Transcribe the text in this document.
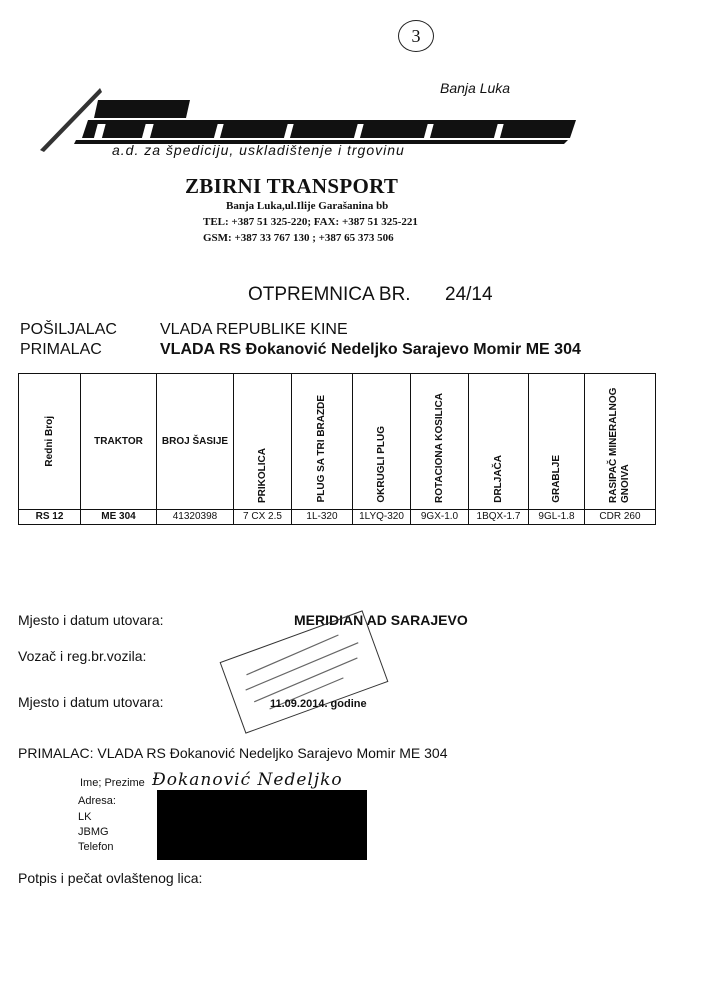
3
Banja Luka
a.d. za špediciju, uskladištenje i trgovinu
ZBIRNI TRANSPORT
Banja Luka,ul.Ilije Garašanina bb
TEL: +387 51 325-220; FAX: +387 51 325-221
GSM: +387 33 767 130 ; +387 65 373 506
OTPREMNICA BR. 24/14
POŠILJALAC	VLADA REPUBLIKE KINE
PRIMALAC	VLADA RS Đokanović Nedeljko Sarajevo Momir ME 304
Redni Broj	TRAKTOR	BROJ ŠASIJE	PRIKOLICA	PLUG SA TRI BRAZDE	OKRUGLI PLUG	ROTACIONA KOSILICA	DRLJAČA	GRABLJE	RASIPAČ MINERALNOG GNOIVA

RS 12	ME 304	41320398	7 CX 2.5	1L-320	1LYQ-320	9GX-1.0	1BQX-1.7	9GL-1.8	CDR 260
Mjesto i datum utovara:	MERIDIAN AD SARAJEVO
Vozač i reg.br.vozila:
Mjesto i datum utovara:	11.09.2014. godine
PRIMALAC: VLADA RS Đokanović Nedeljko Sarajevo Momir ME 304
Ime; Prezime Đokanović Nedeljko
Adresa:
LK
JBMG
Telefon
Potpis i pečat ovlaštenog lica:
